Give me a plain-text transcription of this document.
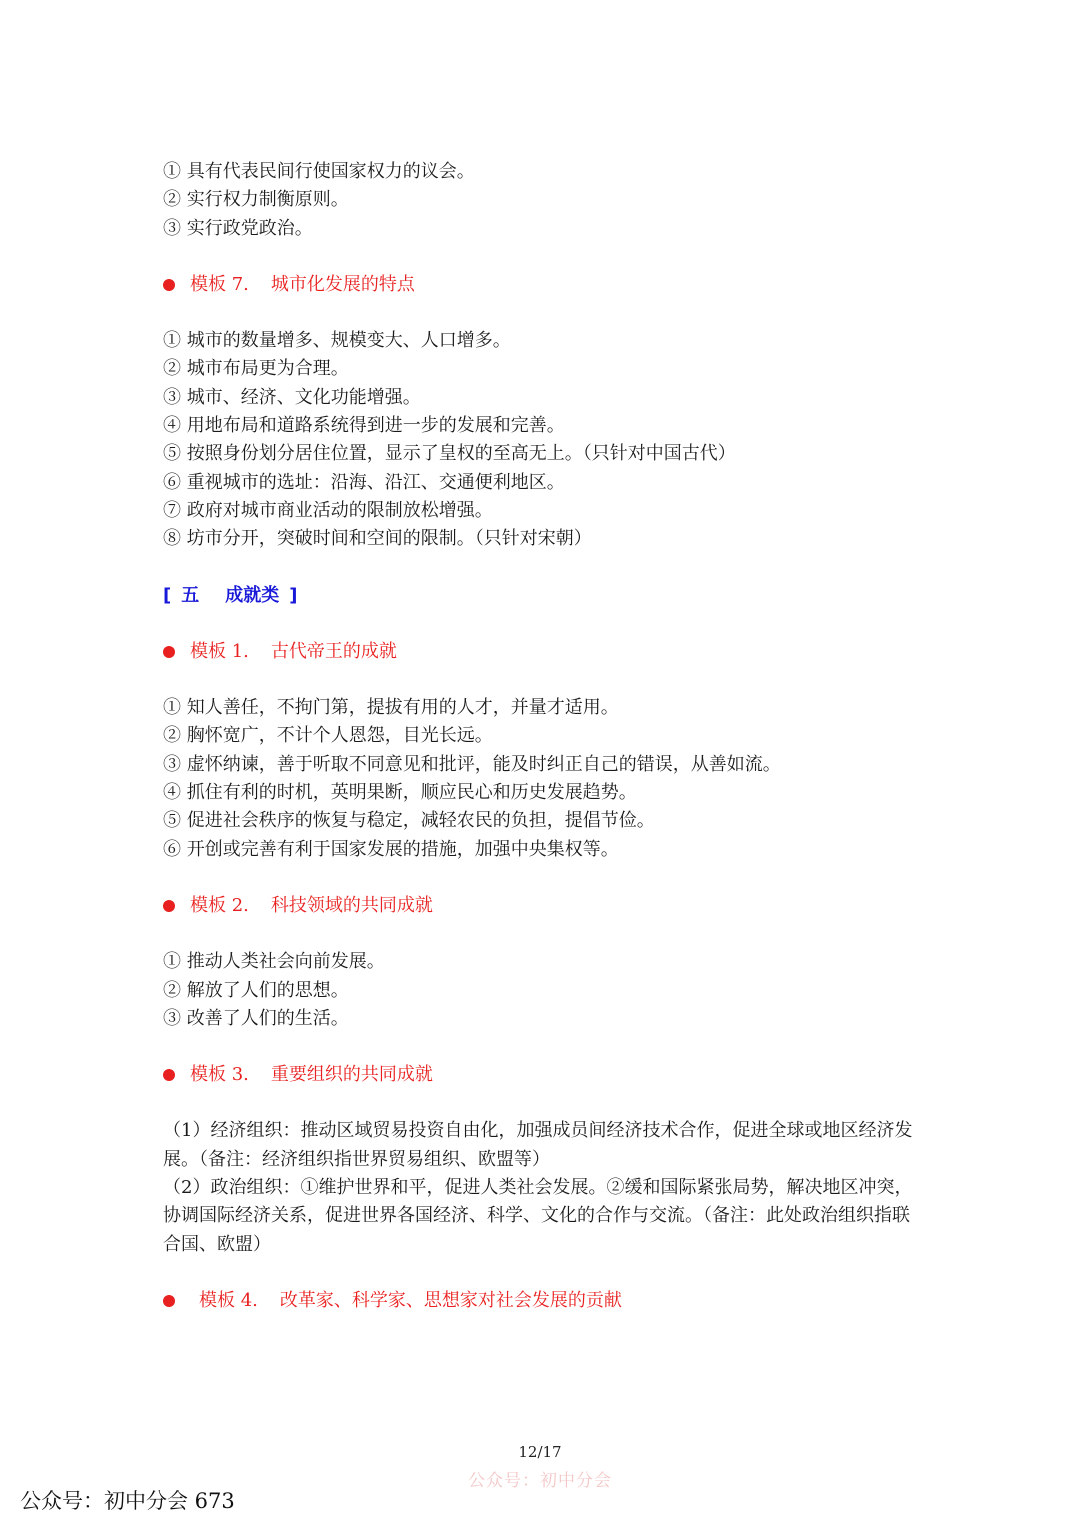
① 具有代表民间行使国家权力的议会。
② 实行权力制衡原则。
③ 实行政党政治。
模板 7. 城市化发展的特点
① 城市的数量增多、规模变大、人口增多。
② 城市布局更为合理。
③ 城市、经济、文化功能增强。
④ 用地布局和道路系统得到进一步的发展和完善。
⑤ 按照身份划分居住位置，显示了皇权的至高无上。（只针对中国古代）
⑥ 重视城市的选址：沿海、沿江、交通便利地区。
⑦ 政府对城市商业活动的限制放松增强。
⑧ 坊市分开，突破时间和空间的限制。（只针对宋朝）
[ 五 成就类 ]
模板 1. 古代帝王的成就
① 知人善任，不拘门第，提拔有用的人才，并量才适用。
② 胸怀宽广，不计个人恩怨，目光长远。
③ 虚怀纳谏，善于听取不同意见和批评，能及时纠正自己的错误，从善如流。
④ 抓住有利的时机，英明果断，顺应民心和历史发展趋势。
⑤ 促进社会秩序的恢复与稳定，减轻农民的负担，提倡节俭。
⑥ 开创或完善有利于国家发展的措施，加强中央集权等。
模板 2. 科技领域的共同成就
① 推动人类社会向前发展。
② 解放了人们的思想。
③ 改善了人们的生活。
模板 3. 重要组织的共同成就
（1）经济组织：推动区域贸易投资自由化，加强成员间经济技术合作，促进全球或地区经济发展。（备注：经济组织指世界贸易组织、欧盟等）
（2）政治组织：①维护世界和平，促进人类社会发展。②缓和国际紧张局势，解决地区冲突，协调国际经济关系，促进世界各国经济、科学、文化的合作与交流。（备注：此处政治组织指联合国、欧盟）
模板 4. 改革家、科学家、思想家对社会发展的贡献
12/17
公众号：初中分会
公众号：初中分会 673
